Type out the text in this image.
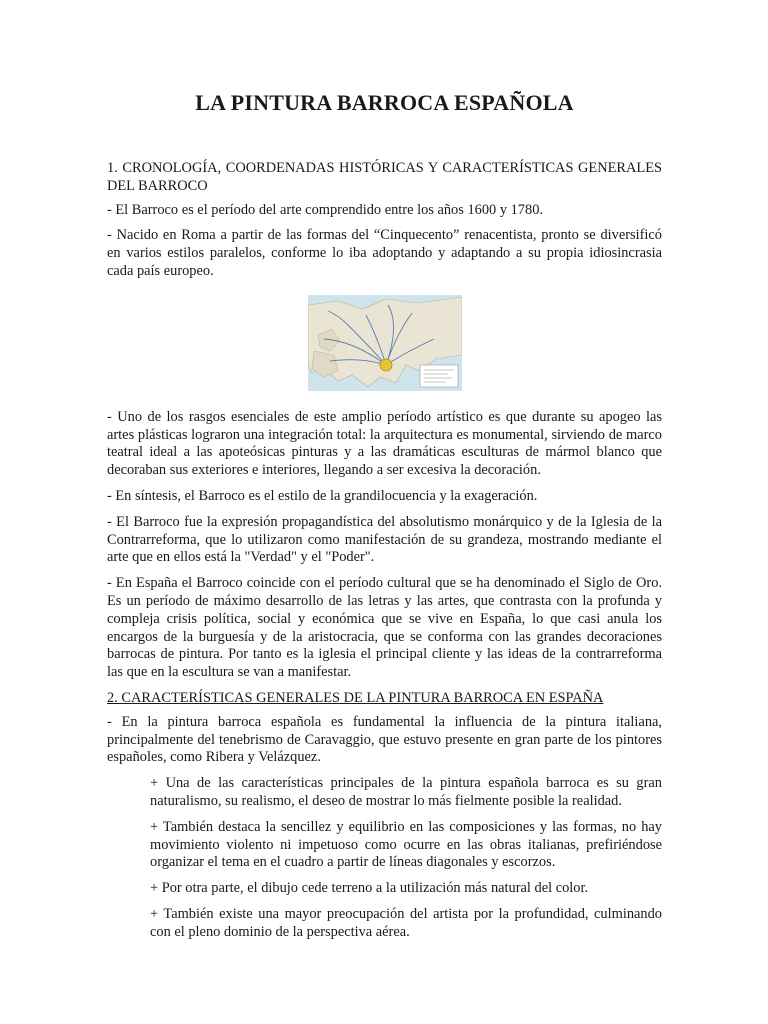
LA PINTURA BARROCA ESPAÑOLA

1. CRONOLOGÍA, COORDENADAS HISTÓRICAS Y CARACTERÍSTICAS GENERALES DEL BARROCO

- El Barroco es el período del arte comprendido entre los años 1600 y 1780.

- Nacido en Roma a partir de las formas del “Cinquecento” renacentista, pronto se diversificó en varios estilos paralelos, conforme lo iba adoptando y adaptando a su propia idiosincrasia cada país europeo.

- Uno de los rasgos esenciales de este amplio período artístico es que durante su apogeo las artes plásticas lograron una integración total: la arquitectura es monumental, sirviendo de marco teatral ideal a las apoteósicas pinturas y a las dramáticas esculturas de mármol blanco que decoraban sus exteriores e interiores, llegando a ser excesiva la decoración.

- En síntesis, el Barroco es el estilo de la grandilocuencia y la exageración.

- El Barroco fue la expresión propagandística del absolutismo monárquico y de la Iglesia de la Contrarreforma, que lo utilizaron como manifestación de su grandeza, mostrando mediante el arte que en ellos está la "Verdad" y el "Poder".

- En España el Barroco coincide con el período cultural que se ha denominado el Siglo de Oro. Es un período de máximo desarrollo de las letras y las artes, que contrasta con la profunda y compleja crisis política, social y económica que se vive en España, lo que casi anula los encargos de la burguesía y de la aristocracia, que se conforma con las grandes decoraciones barrocas de pintura. Por tanto es la iglesia el principal cliente y las ideas de la contrarreforma las que en la escultura se van a manifestar.

2. CARACTERÍSTICAS GENERALES DE LA PINTURA BARROCA EN ESPAÑA

- En la pintura barroca española es fundamental la influencia de la pintura italiana, principalmente del tenebrismo de Caravaggio, que estuvo presente en gran parte de los pintores españoles, como Ribera y Velázquez.

+ Una de las características principales de la pintura española barroca es su gran naturalismo, su realismo, el deseo de mostrar lo más fielmente posible la realidad.

+ También destaca la sencillez y equilibrio en las composiciones y las formas, no hay movimiento violento ni impetuoso como ocurre en las obras italianas, prefiriéndose organizar el tema en el cuadro a partir de líneas diagonales y escorzos.

+ Por otra parte, el dibujo cede terreno a la utilización más natural del color.

+ También existe una mayor preocupación del artista por la profundidad, culminando con el pleno dominio de la perspectiva aérea.
